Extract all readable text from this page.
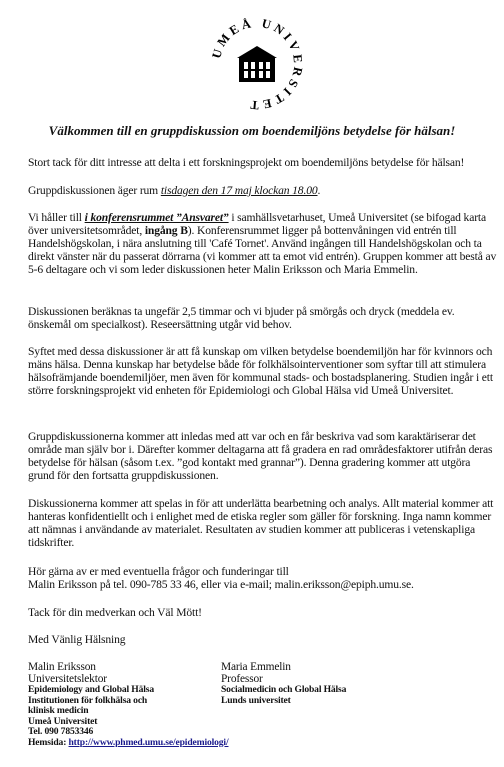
UMEÅ UNIVERSITET
Välkommen till en gruppdiskussion om boendemiljöns betydelse för hälsan!
Stort tack för ditt intresse att delta i ett forskningsprojekt om boendemiljöns betydelse för hälsan!
Gruppdiskussionen äger rum tisdagen den 17 maj klockan 18.00.
Vi håller till i konferensrummet ”Ansvaret” i samhällsvetarhuset, Umeå Universitet (se bifogad karta över universitetsområdet, ingång B). Konferensrummet ligger på bottenvåningen vid entrén till Handelshögskolan, i nära anslutning till 'Café Tornet'. Använd ingången till Handelshögskolan och ta direkt vänster när du passerat dörrarna (vi kommer att ta emot vid entrén). Gruppen kommer att bestå av 5-6 deltagare och vi som leder diskussionen heter Malin Eriksson och Maria Emmelin.
Diskussionen beräknas ta ungefär 2,5 timmar och vi bjuder på smörgås och dryck (meddela ev. önskemål om specialkost). Reseersättning utgår vid behov.
Syftet med dessa diskussioner är att få kunskap om vilken betydelse boendemiljön har för kvinnors och mäns hälsa. Denna kunskap har betydelse både för folkhälsointerventioner som syftar till att stimulera hälsofrämjande boendemiljöer, men även för kommunal stads- och bostadsplanering. Studien ingår i ett större forskningsprojekt vid enheten för Epidemiologi och Global Hälsa vid Umeå Universitet.
Gruppdiskussionerna kommer att inledas med att var och en får beskriva vad som karaktäriserar det område man själv bor i. Därefter kommer deltagarna att få gradera en rad områdesfaktorer utifrån deras betydelse för hälsan (såsom t.ex. ”god kontakt med grannar”). Denna gradering kommer att utgöra grund för den fortsatta gruppdiskussionen.
Diskussionerna kommer att spelas in för att underlätta bearbetning och analys. Allt material kommer att hanteras konfidentiellt och i enlighet med de etiska regler som gäller för forskning. Inga namn kommer att nämnas i användande av materialet. Resultaten av studien kommer att publiceras i vetenskapliga tidskrifter.
Hör gärna av er med eventuella frågor och funderingar till
Malin Eriksson på tel. 090-785 33 46, eller via e-mail; malin.eriksson@epiph.umu.se.
Tack för din medverkan och Väl Mött!
Med Vänlig Hälsning
Malin Eriksson
Universitetslektor
Epidemiology and Global Hälsa
Institutionen för folkhälsa och
klinisk medicin
Umeå Universitet
Tel. 090 7853346
Hemsida: http://www.phmed.umu.se/epidemiologi/
Maria Emmelin
Professor
Socialmedicin och Global Hälsa
Lunds universitet
